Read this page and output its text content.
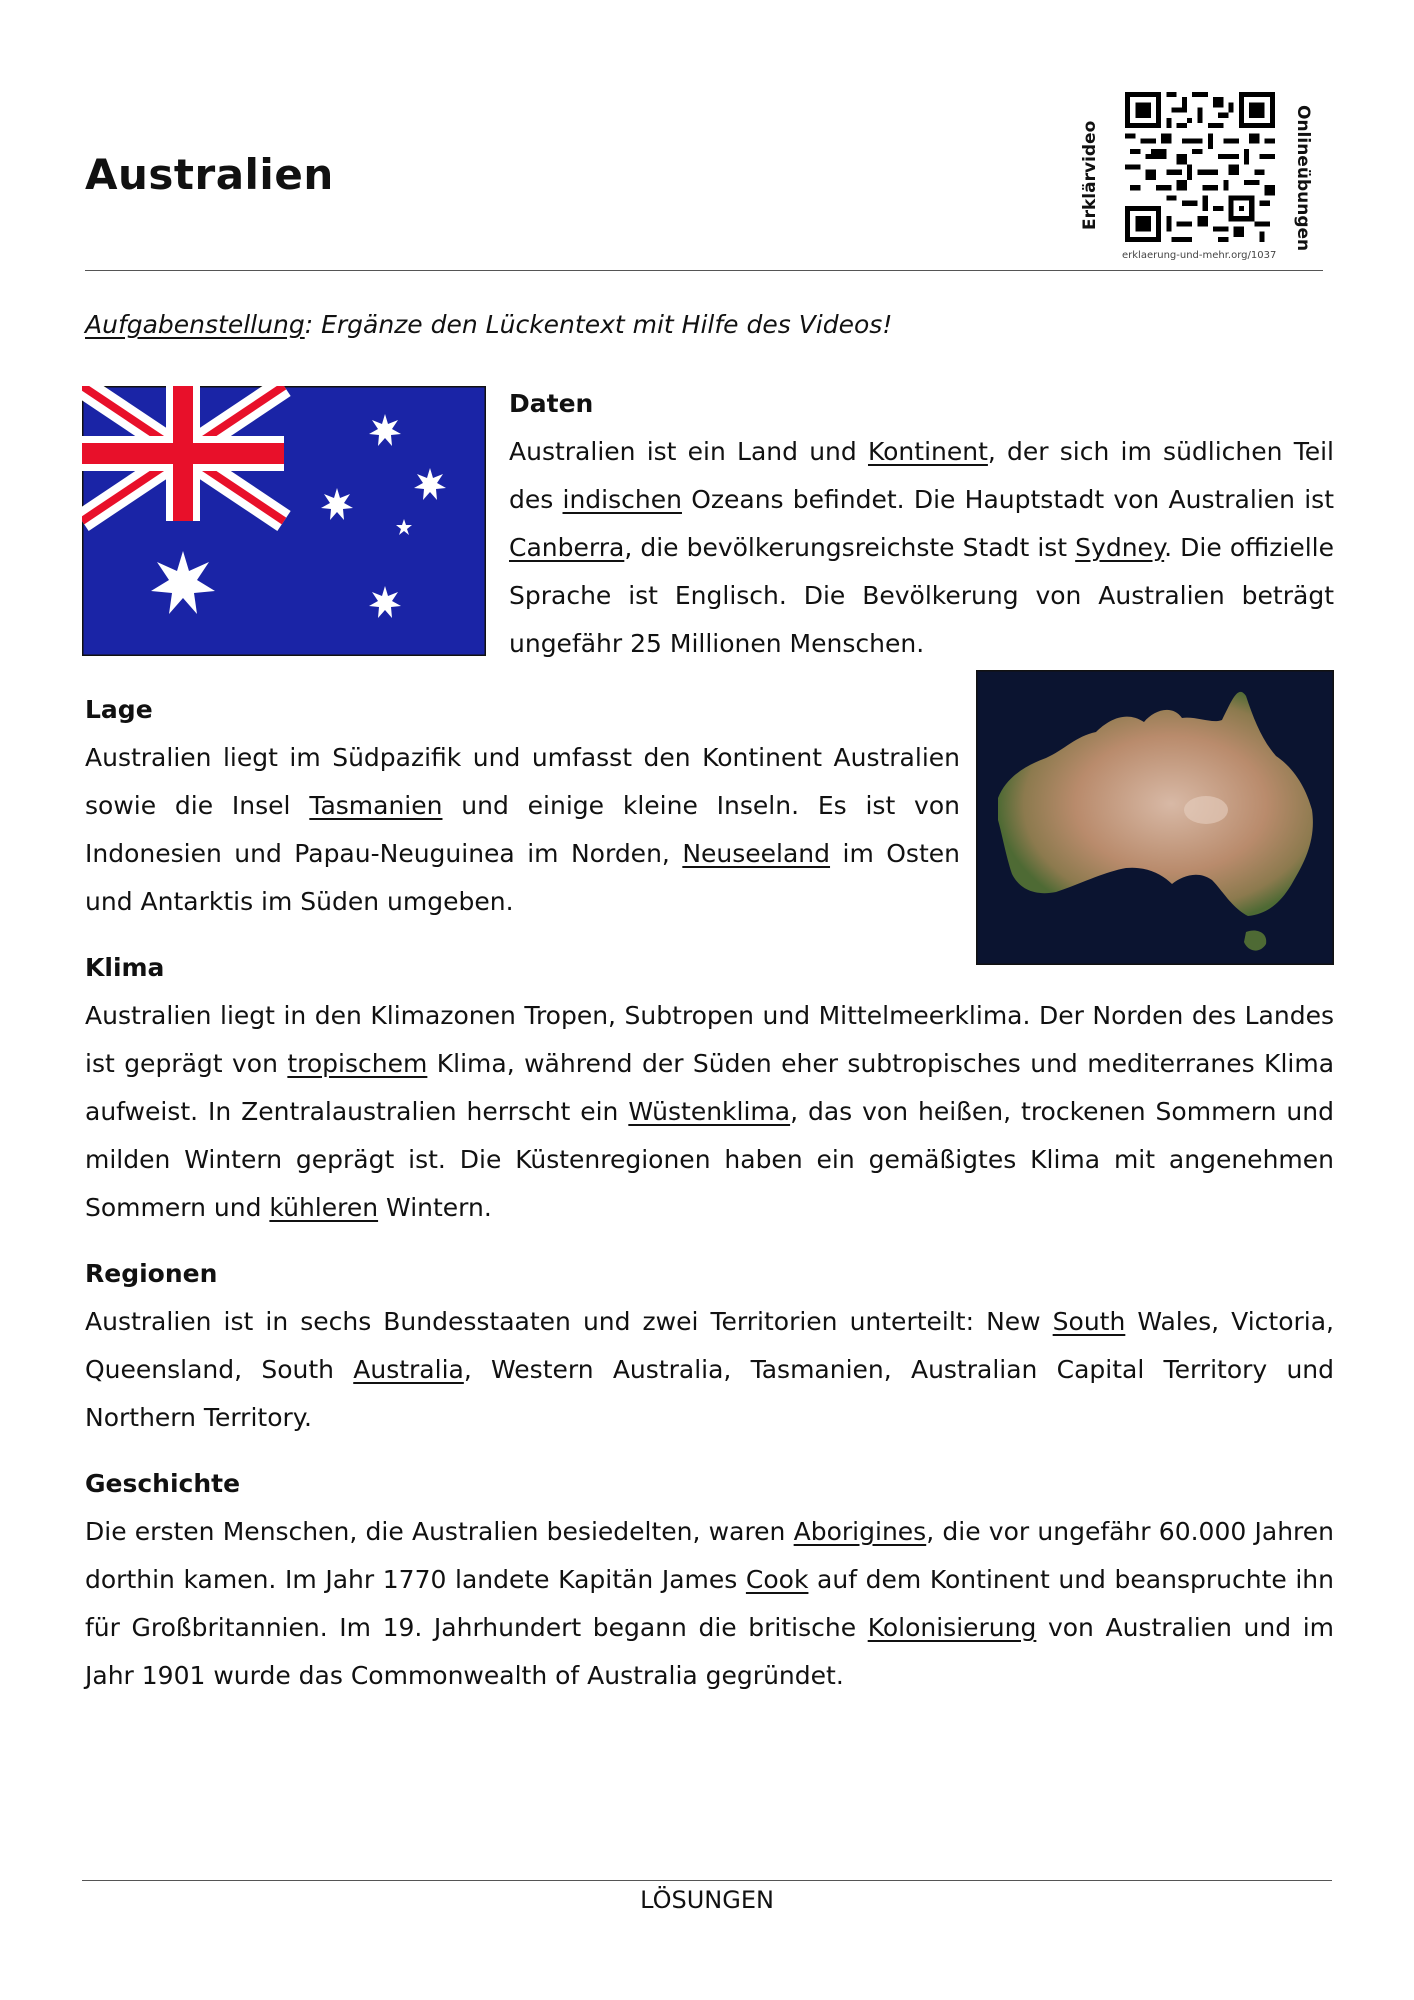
Australien	Erklärvideo	Onlineübungen
erklaerung-und-mehr.org/1037
Aufgabenstellung: Ergänze den Lückentext mit Hilfe des Videos!
Daten

Australien ist ein Land und Kontinent, der sich im südlichen Teil des indischen Ozeans befindet. Die Hauptstadt von Australien ist Canberra, die bevölkerungsreichste Stadt ist Sydney. Die offizielle Sprache ist Englisch. Die Bevölkerung von Australien beträgt ungefähr 25 Millionen Menschen.

Lage

Australien liegt im Südpazifik und umfasst den Kontinent Australien sowie die Insel Tasmanien und einige kleine Inseln. Es ist von Indonesien und Papau-Neuguinea im Norden, Neuseeland im Osten und Antarktis im Süden umgeben.

Klima

Australien liegt in den Klimazonen Tropen, Subtropen und Mittelmeerklima. Der Norden des Landes ist geprägt von tropischem Klima, während der Süden eher subtropisches und mediterranes Klima aufweist. In Zentralaustralien herrscht ein Wüstenklima, das von heißen, trockenen Sommern und milden Wintern geprägt ist. Die Küstenregionen haben ein gemäßigtes Klima mit angenehmen Sommern und kühleren Wintern.

Regionen

Australien ist in sechs Bundesstaaten und zwei Territorien unterteilt: New South Wales, Victoria, Queensland, South Australia, Western Australia, Tasmanien, Australian Capital Territory und Northern Territory.

Geschichte

Die ersten Menschen, die Australien besiedelten, waren Aborigines, die vor ungefähr 60.000 Jahren dorthin kamen. Im Jahr 1770 landete Kapitän James Cook auf dem Kontinent und beanspruchte ihn für Großbritannien. Im 19. Jahrhundert begann die britische Kolonisierung von Australien und im Jahr 1901 wurde das Commonwealth of Australia gegründet.

LÖSUNGEN
